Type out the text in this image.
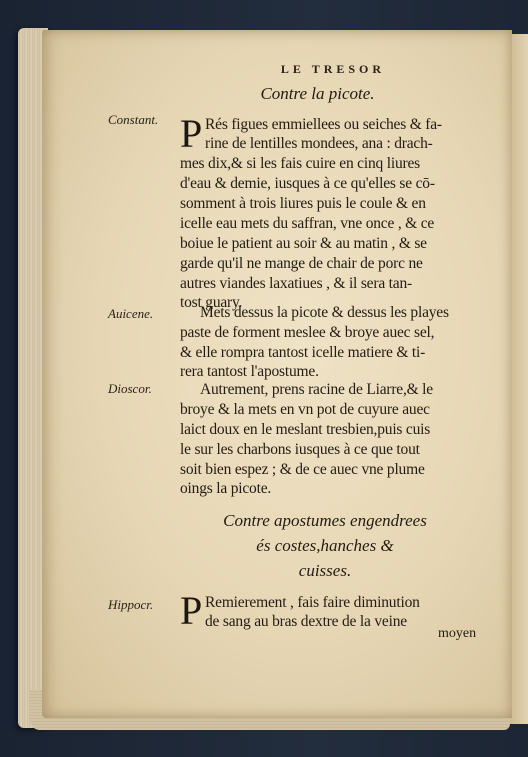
LE TRESOR
Contre la picote.
Constant. P Rés figues emmiellees ou seiches & fa-
rine de lentilles mondees, ana : drach-
mes dix,& si les fais cuire en cinq liures
d'eau & demie, iusques à ce qu'elles se cō-
somment à trois liures puis le coule & en
icelle eau mets du saffran, vne once , & ce
boiue le patient au soir & au matin , & se
garde qu'il ne mange de chair de porc ne
autres viandes laxatiues , & il sera tan-
tost guary.
Auicene.	Mets dessus la picote & dessus les playes
paste de forment meslee & broye auec sel,
& elle rompra tantost icelle matiere & ti-
rera tantost l'apostume.
Dioscor.	Autrement, prens racine de Liarre,& le
broye & la mets en vn pot de cuyure auec
laict doux en le meslant tresbien,puis cuis
le sur les charbons iusques à ce que tout
soit bien espez ; & de ce auec vne plume
oings la picote.
Contre apostumes engendrees
és costes,hanches &
cuisses.
Hippocr. P Remierement , fais faire diminution
de sang au bras dextre de la veine
moyen
